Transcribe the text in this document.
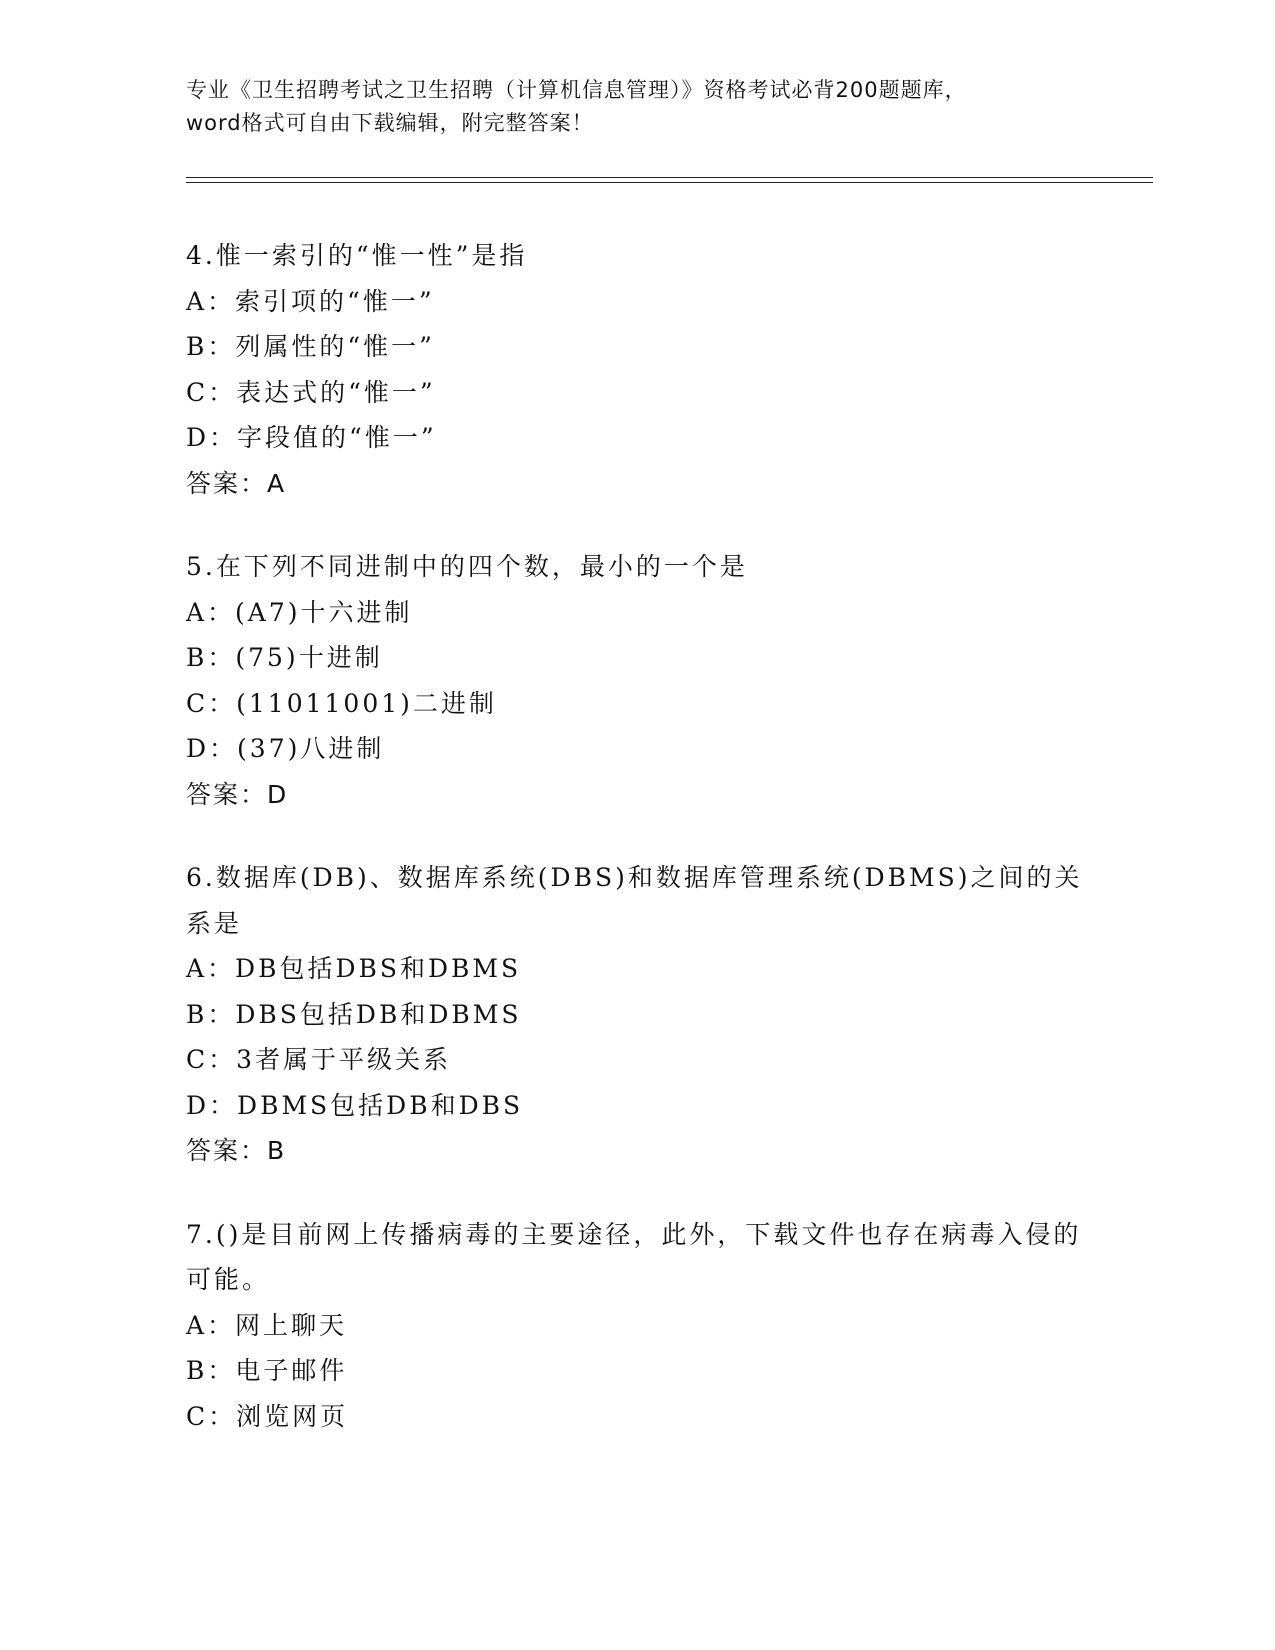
专业《卫生招聘考试之卫生招聘（计算机信息管理）》资格考试必背200题题库，
word格式可自由下载编辑，附完整答案！

4.惟一索引的“惟一性”是指

A：索引项的“惟一”

B：列属性的“惟一”

C：表达式的“惟一”

D：字段值的“惟一”

答案：A

5.在下列不同进制中的四个数，最小的一个是

A：(A7)十六进制

B：(75)十进制

C：(11011001)二进制

D：(37)八进制

答案：D

6.数据库(DB)、数据库系统(DBS)和数据库管理系统(DBMS)之间的关系是

A：DB包括DBS和DBMS

B：DBS包括DB和DBMS

C：3者属于平级关系

D：DBMS包括DB和DBS

答案：B

7.()是目前网上传播病毒的主要途径，此外，下载文件也存在病毒入侵的可能。

A：网上聊天

B：电子邮件

C：浏览网页
